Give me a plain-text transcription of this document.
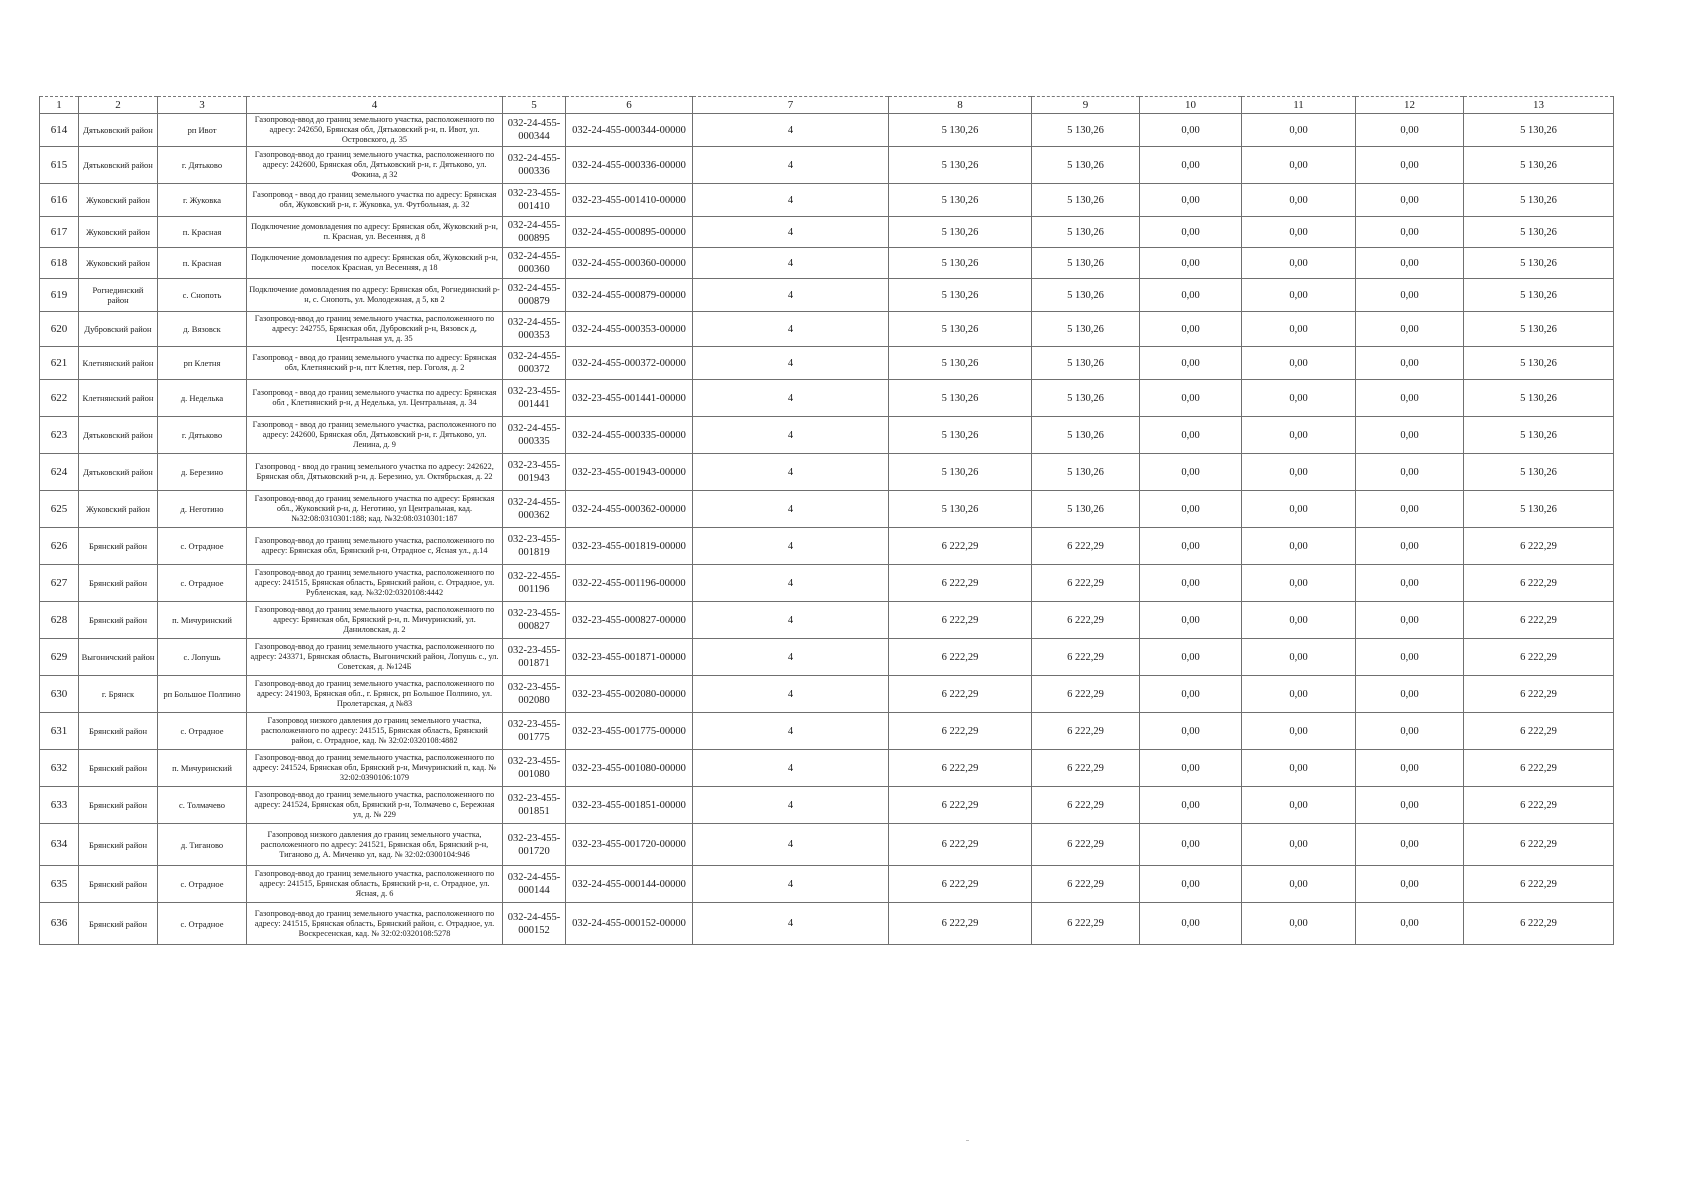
1	2	3	4	5	6	7	8	9	10	11	12	13
614	Дятьковский район	рп Ивот	Газопровод-ввод до границ земельного участка, расположенного по адресу: 242650, Брянская обл, Дятьковский р-н, п. Ивот, ул. Островского, д. 35	032-24-455-000344	032-24-455-000344-00000	4	5 130,26	5 130,26	0,00	0,00	0,00	5 130,26
615	Дятьковский район	г. Дятьково	Газопровод-ввод до границ земельного участка, расположенного по адресу: 242600, Брянская обл, Дятьковский р-н, г. Дятьково, ул. Фокина, д 32	032-24-455-000336	032-24-455-000336-00000	4	5 130,26	5 130,26	0,00	0,00	0,00	5 130,26
616	Жуковский район	г. Жуковка	Газопровод - ввод до границ земельного участка по адресу: Брянская обл, Жуковский р-н, г. Жуковка, ул. Футбольная, д. 32	032-23-455-001410	032-23-455-001410-00000	4	5 130,26	5 130,26	0,00	0,00	0,00	5 130,26
617	Жуковский район	п. Красная	Подключение домовладения по адресу: Брянская обл, Жуковский р-н, п. Красная, ул. Весенняя, д 8	032-24-455-000895	032-24-455-000895-00000	4	5 130,26	5 130,26	0,00	0,00	0,00	5 130,26
618	Жуковский район	п. Красная	Подключение домовладения по адресу: Брянская обл, Жуковский р-н, поселок Красная, ул Весенняя, д 18	032-24-455-000360	032-24-455-000360-00000	4	5 130,26	5 130,26	0,00	0,00	0,00	5 130,26
619	Рогнединский район	с. Снопоть	Подключение домовладения по адресу: Брянская обл, Рогнединский р-н, с. Снопоть, ул. Молодежная, д 5, кв 2	032-24-455-000879	032-24-455-000879-00000	4	5 130,26	5 130,26	0,00	0,00	0,00	5 130,26
620	Дубровский район	д. Вязовск	Газопровод-ввод до границ земельного участка, расположенного по адресу: 242755, Брянская обл, Дубровский р-н, Вязовск д, Центральная ул, д. 35	032-24-455-000353	032-24-455-000353-00000	4	5 130,26	5 130,26	0,00	0,00	0,00	5 130,26
621	Клетнянский район	рп Клетня	Газопровод - ввод до границ земельного участка по адресу: Брянская обл, Клетнянский р-н, пгт Клетня, пер. Гоголя, д. 2	032-24-455-000372	032-24-455-000372-00000	4	5 130,26	5 130,26	0,00	0,00	0,00	5 130,26
622	Клетнянский район	д. Неделька	Газопровод - ввод до границ земельного участка по адресу: Брянская обл , Клетнянский р-н, д Неделька, ул. Центральная, д. 34	032-23-455-001441	032-23-455-001441-00000	4	5 130,26	5 130,26	0,00	0,00	0,00	5 130,26
623	Дятьковский район	г. Дятьково	Газопровод - ввод до границ земельного участка, расположенного по адресу: 242600, Брянская обл, Дятьковский р-н, г. Дятьково, ул. Ленина, д. 9	032-24-455-000335	032-24-455-000335-00000	4	5 130,26	5 130,26	0,00	0,00	0,00	5 130,26
624	Дятьковский район	д. Березино	Газопровод - ввод до границ земельного участка по адресу: 242622, Брянская обл, Дятьковский р-н, д. Березино, ул. Октябрьская, д. 22	032-23-455-001943	032-23-455-001943-00000	4	5 130,26	5 130,26	0,00	0,00	0,00	5 130,26
625	Жуковский район	д. Неготино	Газопровод-ввод до границ земельного участка по адресу: Брянская обл., Жуковский р-н, д. Неготино, ул Центральная, кад. №32:08:0310301:188; кад. №32:08:0310301:187	032-24-455-000362	032-24-455-000362-00000	4	5 130,26	5 130,26	0,00	0,00	0,00	5 130,26
626	Брянский район	с. Отрадное	Газопровод-ввод до границ земельного участка, расположенного по адресу: Брянская обл, Брянский р-н, Отрадное с, Ясная ул., д.14	032-23-455-001819	032-23-455-001819-00000	4	6 222,29	6 222,29	0,00	0,00	0,00	6 222,29
627	Брянский район	с. Отрадное	Газопровод-ввод до границ земельного участка, расположенного по адресу: 241515, Брянская область, Брянский район, с. Отрадное, ул. Рубленская, кад. №32:02:0320108:4442	032-22-455-001196	032-22-455-001196-00000	4	6 222,29	6 222,29	0,00	0,00	0,00	6 222,29
628	Брянский район	п. Мичуринский	Газопровод-ввод до границ земельного участка, расположенного по адресу: Брянская обл, Брянский р-н, п. Мичуринский, ул. Даниловская, д. 2	032-23-455-000827	032-23-455-000827-00000	4	6 222,29	6 222,29	0,00	0,00	0,00	6 222,29
629	Выгоничский район	с. Лопушь	Газопровод-ввод до границ земельного участка, расположенного по адресу: 243371, Брянская область, Выгоничский район, Лопушь с., ул. Советская, д. №124Б	032-23-455-001871	032-23-455-001871-00000	4	6 222,29	6 222,29	0,00	0,00	0,00	6 222,29
630	г. Брянск	рп Большое Полпино	Газопровод-ввод до границ земельного участка, расположенного по адресу: 241903, Брянская обл., г. Брянск, рп Большое Полпино, ул. Пролетарская, д №83	032-23-455-002080	032-23-455-002080-00000	4	6 222,29	6 222,29	0,00	0,00	0,00	6 222,29
631	Брянский район	с. Отрадное	Газопровод низкого давления до границ земельного участка, расположенного по адресу: 241515, Брянская область, Брянский район, с. Отрадное, кад. № 32:02:0320108:4882	032-23-455-001775	032-23-455-001775-00000	4	6 222,29	6 222,29	0,00	0,00	0,00	6 222,29
632	Брянский район	п. Мичуринский	Газопровод-ввод до границ земельного участка, расположенного по адресу: 241524, Брянская обл, Брянский р-н, Мичуринский п, кад. № 32:02:0390106:1079	032-23-455-001080	032-23-455-001080-00000	4	6 222,29	6 222,29	0,00	0,00	0,00	6 222,29
633	Брянский район	с. Толмачево	Газопровод-ввод до границ земельного участка, расположенного по адресу: 241524, Брянская обл, Брянский р-н, Толмачево с, Бережная ул, д. № 229	032-23-455-001851	032-23-455-001851-00000	4	6 222,29	6 222,29	0,00	0,00	0,00	6 222,29
634	Брянский район	д. Тиганово	Газопровод низкого давления до границ земельного участка, расположенного по адресу: 241521, Брянская обл, Брянский р-н, Тиганово д, А. Миченко ул, кад. № 32:02:0300104:946	032-23-455-001720	032-23-455-001720-00000	4	6 222,29	6 222,29	0,00	0,00	0,00	6 222,29
635	Брянский район	с. Отрадное	Газопровод-ввод до границ земельного участка, расположенного по адресу: 241515, Брянская область, Брянский р-н, с. Отрадное, ул. Ясная, д. 6	032-24-455-000144	032-24-455-000144-00000	4	6 222,29	6 222,29	0,00	0,00	0,00	6 222,29
636	Брянский район	с. Отрадное	Газопровод-ввод до границ земельного участка, расположенного по адресу: 241515, Брянская область, Брянский район, с. Отрадное, ул. Воскресенская, кад. № 32:02:0320108:5278	032-24-455-000152	032-24-455-000152-00000	4	6 222,29	6 222,29	0,00	0,00	0,00	6 222,29
